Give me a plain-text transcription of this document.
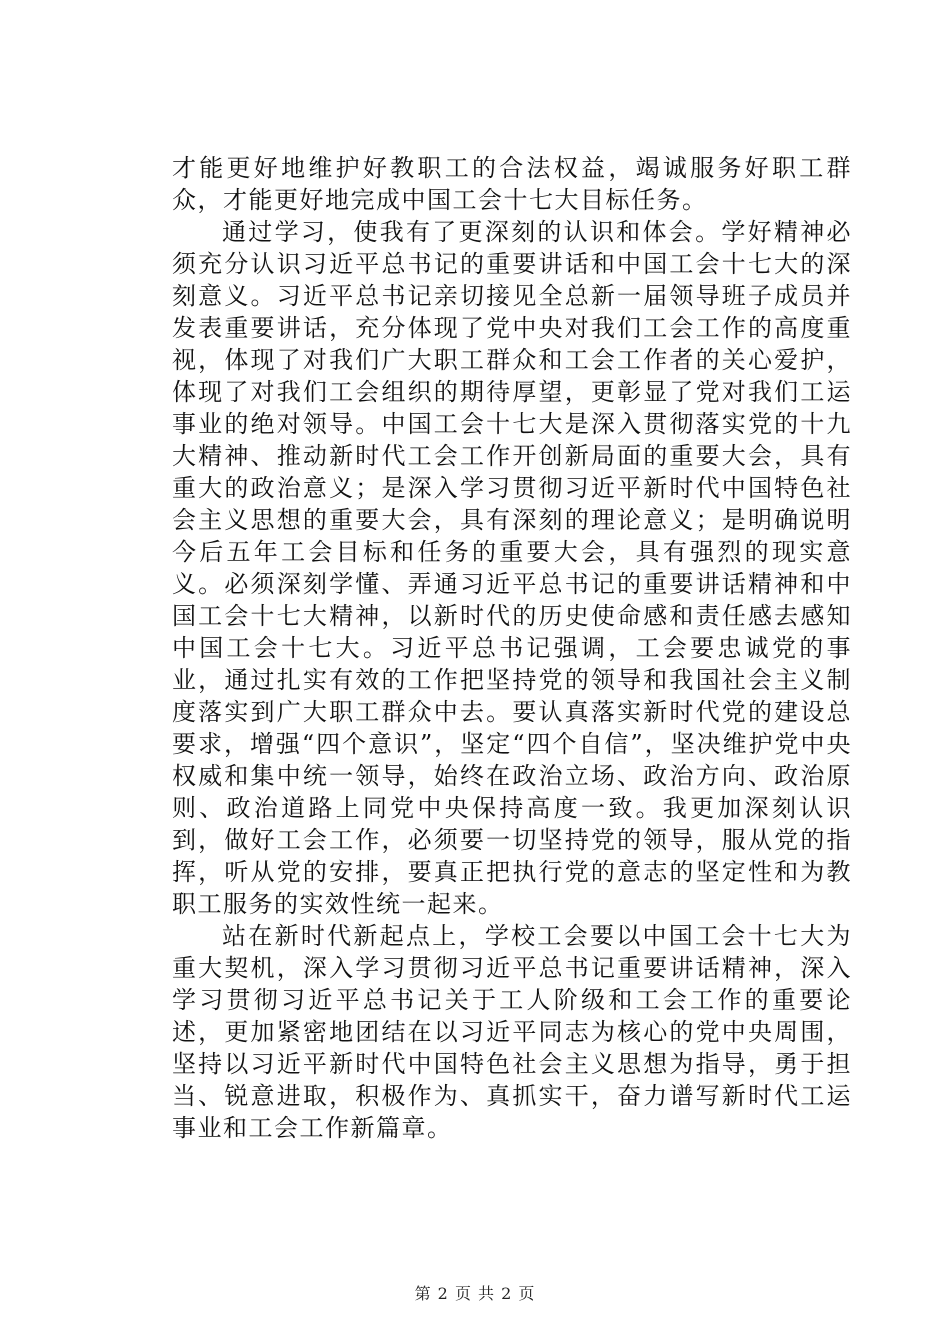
才能更好地维护好教职工的合法权益，竭诚服务好职工群众，才能更好地完成中国工会十七大目标任务。

通过学习，使我有了更深刻的认识和体会。学好精神必须充分认识习近平总书记的重要讲话和中国工会十七大的深刻意义。习近平总书记亲切接见全总新一届领导班子成员并发表重要讲话，充分体现了党中央对我们工会工作的高度重视，体现了对我们广大职工群众和工会工作者的关心爱护，体现了对我们工会组织的期待厚望，更彰显了党对我们工运事业的绝对领导。中国工会十七大是深入贯彻落实党的十九大精神、推动新时代工会工作开创新局面的重要大会，具有重大的政治意义；是深入学习贯彻习近平新时代中国特色社会主义思想的重要大会，具有深刻的理论意义；是明确说明今后五年工会目标和任务的重要大会，具有强烈的现实意义。必须深刻学懂、弄通习近平总书记的重要讲话精神和中国工会十七大精神，以新时代的历史使命感和责任感去感知中国工会十七大。习近平总书记强调，工会要忠诚党的事业，通过扎实有效的工作把坚持党的领导和我国社会主义制度落实到广大职工群众中去。要认真落实新时代党的建设总要求，增强“四个意识”，坚定“四个自信”，坚决维护党中央权威和集中统一领导，始终在政治立场、政治方向、政治原则、政治道路上同党中央保持高度一致。我更加深刻认识到，做好工会工作，必须要一切坚持党的领导，服从党的指挥，听从党的安排，要真正把执行党的意志的坚定性和为教职工服务的实效性统一起来。

站在新时代新起点上，学校工会要以中国工会十七大为重大契机，深入学习贯彻习近平总书记重要讲话精神，深入学习贯彻习近平总书记关于工人阶级和工会工作的重要论述，更加紧密地团结在以习近平同志为核心的党中央周围，坚持以习近平新时代中国特色社会主义思想为指导，勇于担当、锐意进取，积极作为、真抓实干，奋力谱写新时代工运事业和工会工作新篇章。

第 2 页 共 2 页
